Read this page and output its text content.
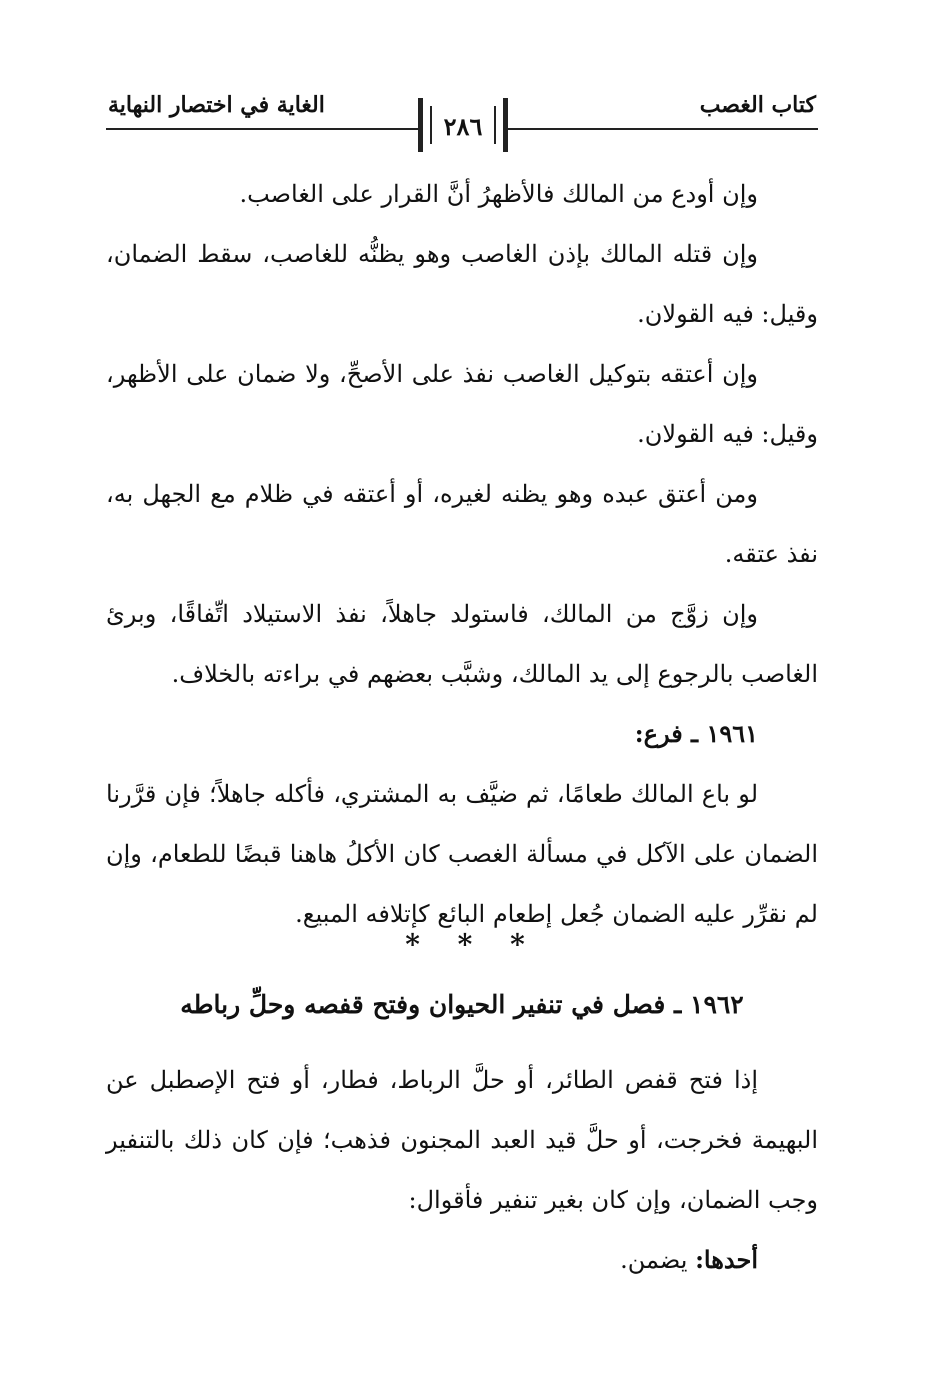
كتاب الغصب
الغاية في اختصار النهاية
٢٨٦

وإن أودع من المالك فالأظهرُ أنَّ القرار على الغاصب.

وإن قتله المالك بإذن الغاصب وهو يظنُّه للغاصب، سقط الضمان، وقيل: فيه القولان.

وإن أعتقه بتوكيل الغاصب نفذ على الأصحِّ، ولا ضمان على الأظهر، وقيل: فيه القولان.

ومن أعتق عبده وهو يظنه لغيره، أو أعتقه في ظلام مع الجهل به، نفذ عتقه.

وإن زوَّج من المالك، فاستولد جاهلاً، نفذ الاستيلاد اتِّفاقًا، وبرئ الغاصب بالرجوع إلى يد المالك، وشبَّب بعضهم في براءته بالخلاف.

١٩٦١ ـ فرع:

لو باع المالك طعامًا، ثم ضيَّف به المشتري، فأكله جاهلاً؛ فإن قرَّرنا الضمان على الآكل في مسألة الغصب كان الأكلُ هاهنا قبضًا للطعام، وإن لم نقرِّر عليه الضمان جُعل إطعام البائع كإتلافه المبيع.

* * *
١٩٦٢ ـ فصل في تنفير الحيوان وفتح قفصه وحلِّ رباطه

إذا فتح قفص الطائر، أو حلَّ الرباط، فطار، أو فتح الإصطبل عن البهيمة فخرجت، أو حلَّ قيد العبد المجنون فذهب؛ فإن كان ذلك بالتنفير وجب الضمان، وإن كان بغير تنفير فأقوال:

أحدها: يضمن.
